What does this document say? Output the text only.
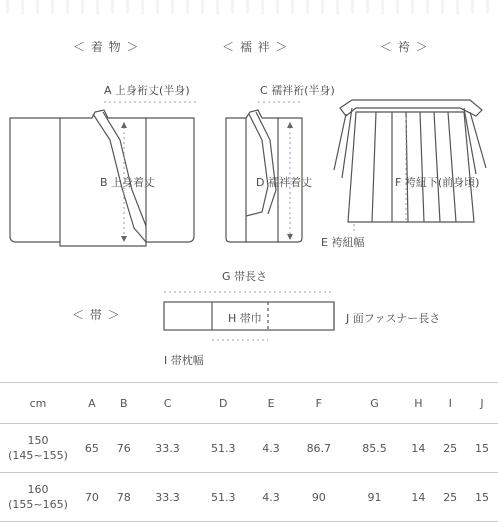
＜ 着 物 ＞	＜ 襦 袢 ＞	＜ 袴 ＞
＜ 帯 ＞
A 上身裄丈(半身)
B 上身着丈
C 襦袢裄(半身)
D 襦袢着丈
E 袴紐幅
F 袴紐下(前身頃)
G 帯長さ
H 帯巾
I 帯枕幅
J 面ファスナー長さ
cm	A	B	C	D	E	F	G	H	I	J

150
(145~155)	65	76	33.3	51.3	4.3	86.7	85.5	14	25	15

160
(155~165)	70	78	33.3	51.3	4.3	90	91	14	25	15
